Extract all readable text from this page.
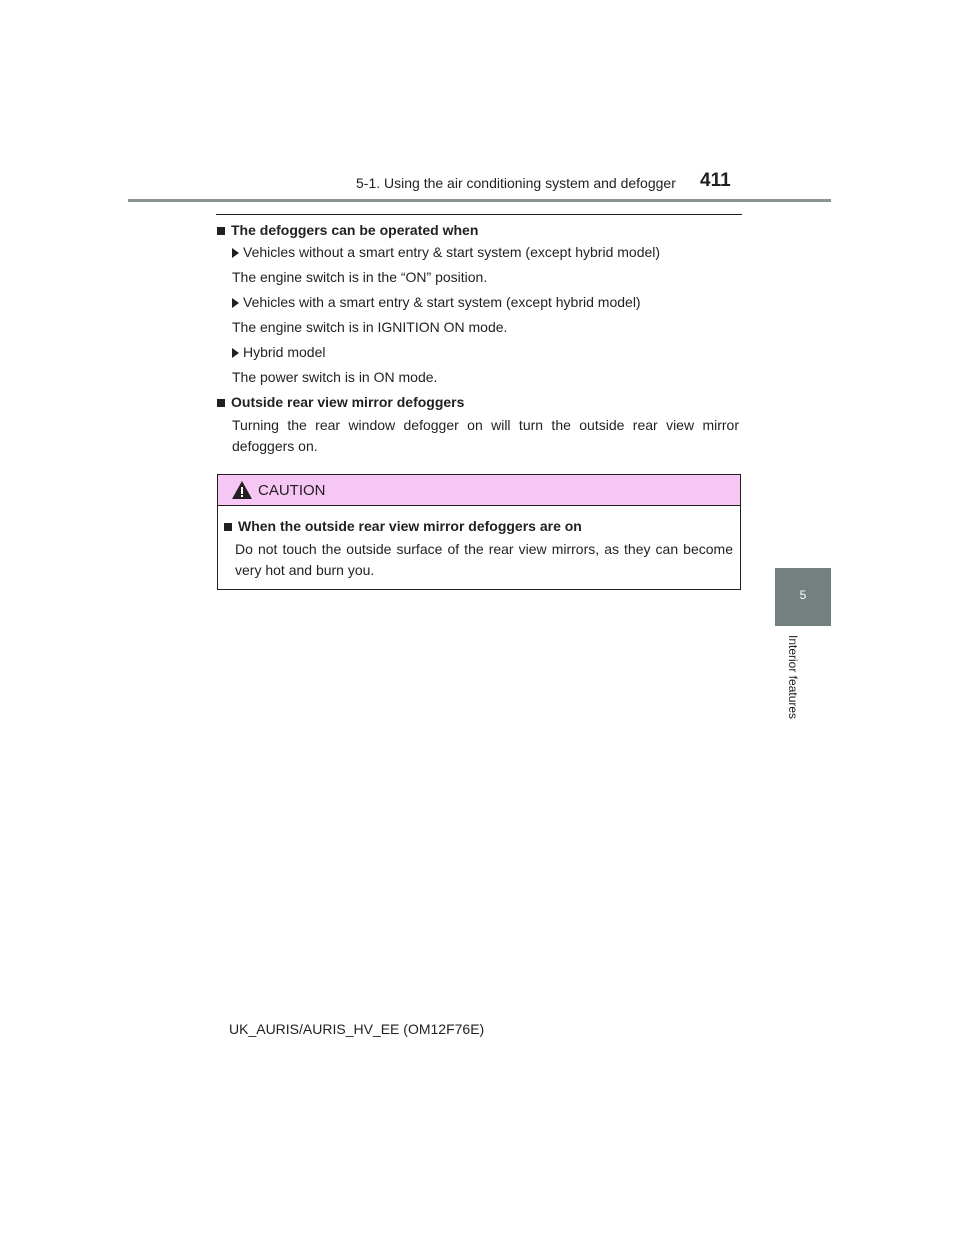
5-1. Using the air conditioning system and defogger 411
The defoggers can be operated when
Vehicles without a smart entry & start system (except hybrid model)
The engine switch is in the “ON” position.
Vehicles with a smart entry & start system (except hybrid model)
The engine switch is in IGNITION ON mode.
Hybrid model
The power switch is in ON mode.
Outside rear view mirror defoggers
Turning the rear window defogger on will turn the outside rear view mirror defoggers on.
CAUTION
When the outside rear view mirror defoggers are on
Do not touch the outside surface of the rear view mirrors, as they can become very hot and burn you.
5
Interior features
UK_AURIS/AURIS_HV_EE (OM12F76E)
